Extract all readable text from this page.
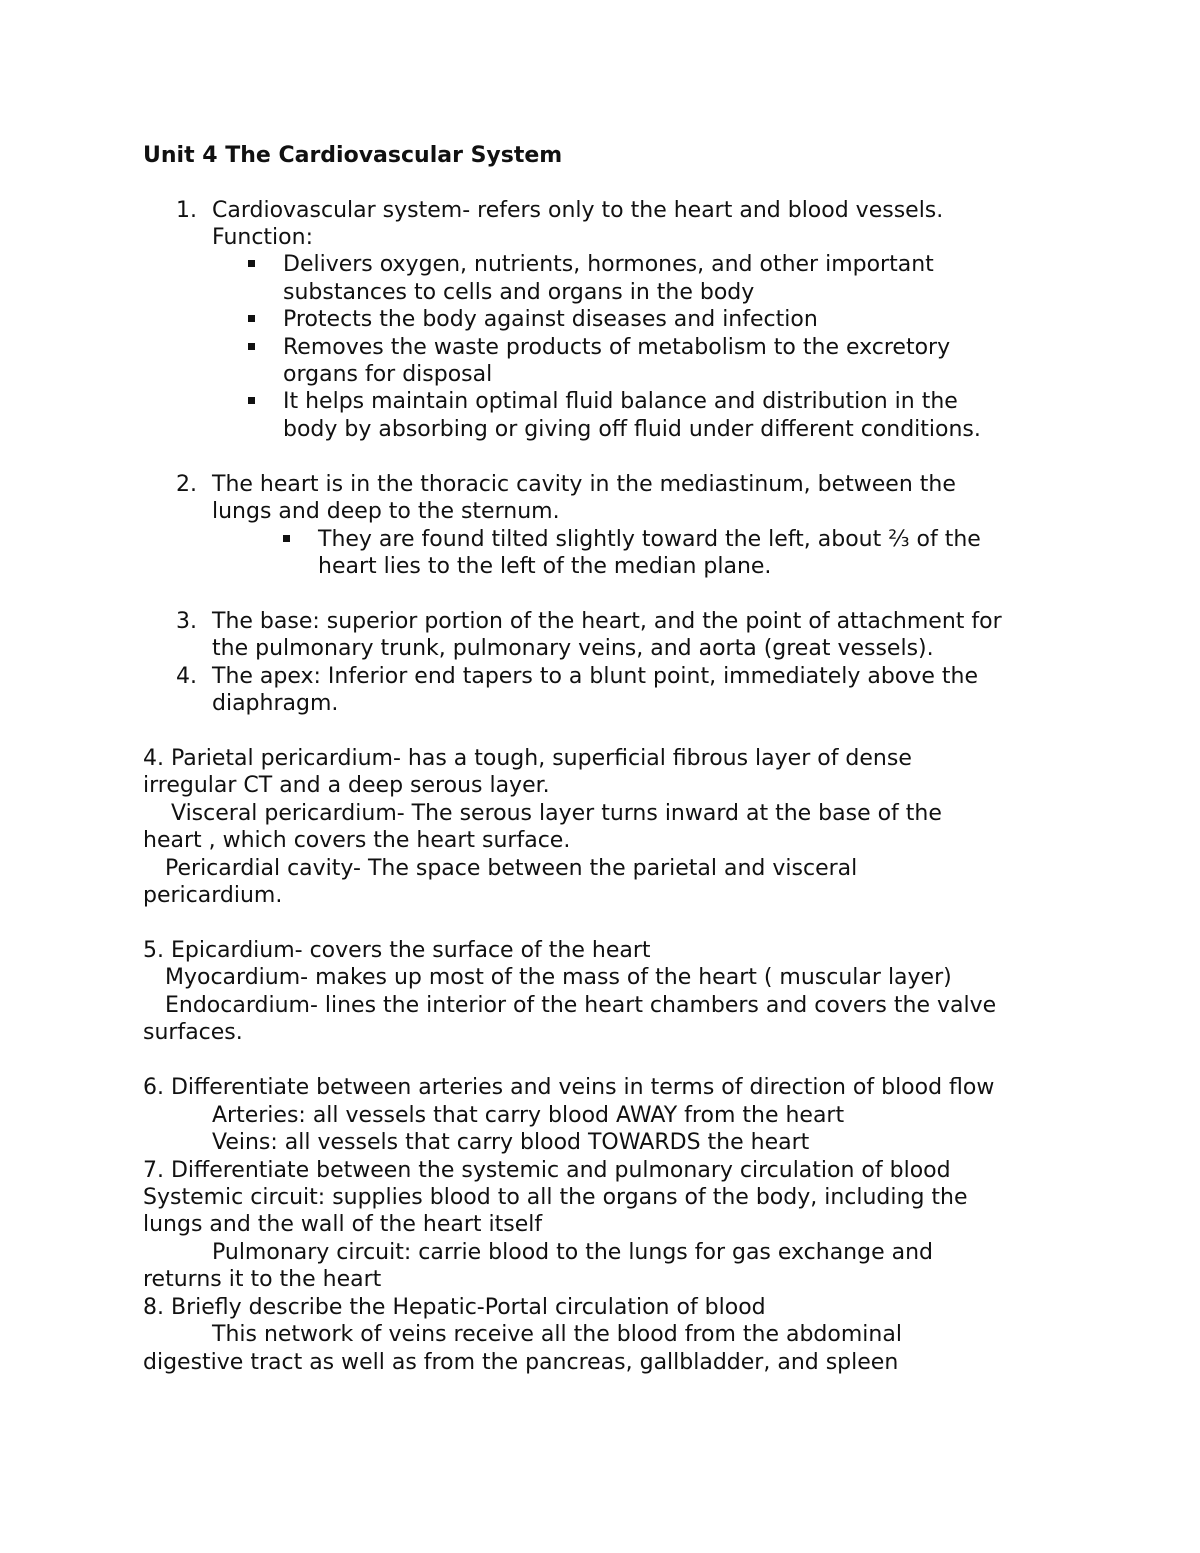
Unit 4 The Cardiovascular System
1. Cardiovascular system- refers only to the heart and blood vessels.
Function:
Delivers oxygen, nutrients, hormones, and other important
substances to cells and organs in the body
Protects the body against diseases and infection
Removes the waste products of metabolism to the excretory
organs for disposal
It helps maintain optimal fluid balance and distribution in the
body by absorbing or giving off fluid under different conditions.
2. The heart is in the thoracic cavity in the mediastinum, between the
lungs and deep to the sternum.
They are found tilted slightly toward the left, about ⅔ of the
heart lies to the left of the median plane.
3. The base: superior portion of the heart, and the point of attachment for
the pulmonary trunk, pulmonary veins, and aorta (great vessels).
4. The apex: Inferior end tapers to a blunt point, immediately above the
diaphragm.
4. Parietal pericardium- has a tough, superficial fibrous layer of dense
irregular CT and a deep serous layer.
Visceral pericardium- The serous layer turns inward at the base of the
heart , which covers the heart surface.
Pericardial cavity- The space between the parietal and visceral
pericardium.
5. Epicardium- covers the surface of the heart
Myocardium- makes up most of the mass of the heart ( muscular layer)
Endocardium- lines the interior of the heart chambers and covers the valve
surfaces.
6. Differentiate between arteries and veins in terms of direction of blood flow
Arteries: all vessels that carry blood AWAY from the heart
Veins: all vessels that carry blood TOWARDS the heart
7. Differentiate between the systemic and pulmonary circulation of blood
Systemic circuit: supplies blood to all the organs of the body, including the
lungs and the wall of the heart itself
Pulmonary circuit: carrie blood to the lungs for gas exchange and
returns it to the heart
8. Briefly describe the Hepatic-Portal circulation of blood
This network of veins receive all the blood from the abdominal
digestive tract as well as from the pancreas, gallbladder, and spleen
